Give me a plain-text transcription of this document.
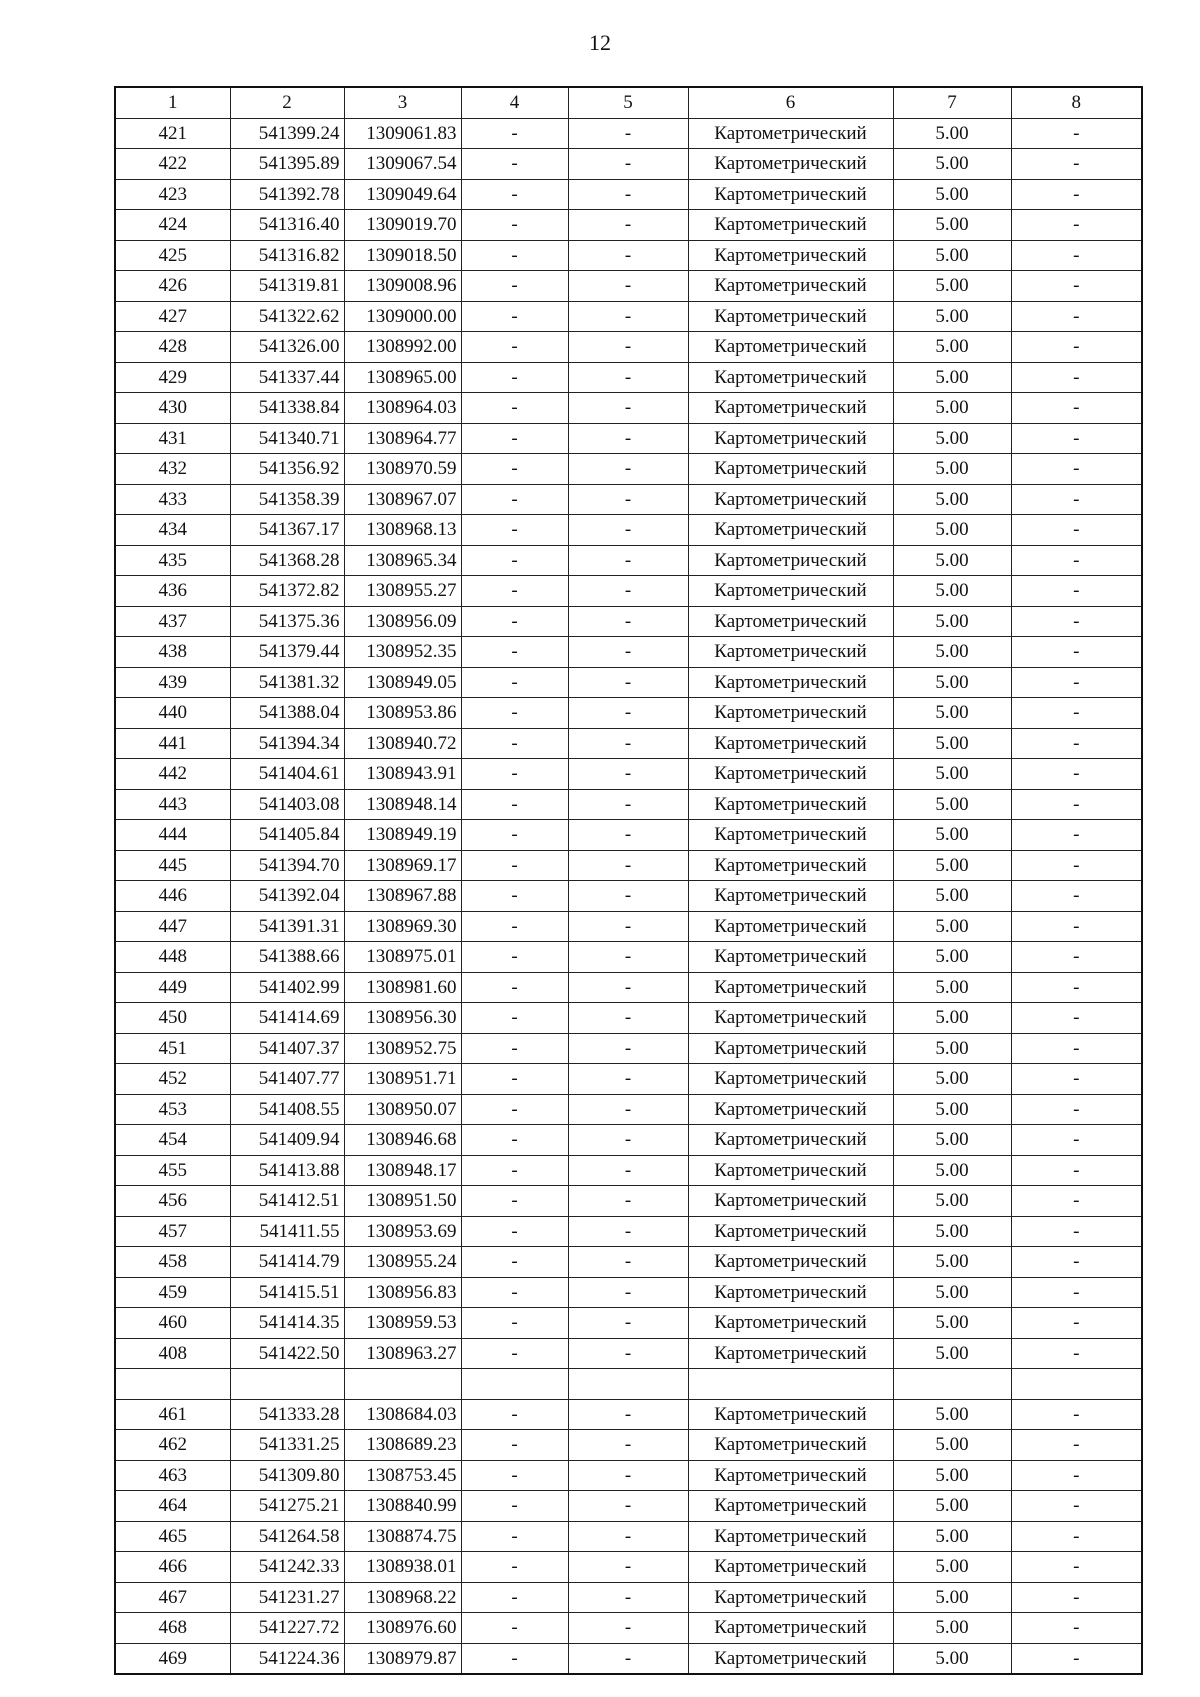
12
1	2	3	4	5	6	7	8
421	541399.24	1309061.83	-	-	Картометрический	5.00	-
422	541395.89	1309067.54	-	-	Картометрический	5.00	-
423	541392.78	1309049.64	-	-	Картометрический	5.00	-
424	541316.40	1309019.70	-	-	Картометрический	5.00	-
425	541316.82	1309018.50	-	-	Картометрический	5.00	-
426	541319.81	1309008.96	-	-	Картометрический	5.00	-
427	541322.62	1309000.00	-	-	Картометрический	5.00	-
428	541326.00	1308992.00	-	-	Картометрический	5.00	-
429	541337.44	1308965.00	-	-	Картометрический	5.00	-
430	541338.84	1308964.03	-	-	Картометрический	5.00	-
431	541340.71	1308964.77	-	-	Картометрический	5.00	-
432	541356.92	1308970.59	-	-	Картометрический	5.00	-
433	541358.39	1308967.07	-	-	Картометрический	5.00	-
434	541367.17	1308968.13	-	-	Картометрический	5.00	-
435	541368.28	1308965.34	-	-	Картометрический	5.00	-
436	541372.82	1308955.27	-	-	Картометрический	5.00	-
437	541375.36	1308956.09	-	-	Картометрический	5.00	-
438	541379.44	1308952.35	-	-	Картометрический	5.00	-
439	541381.32	1308949.05	-	-	Картометрический	5.00	-
440	541388.04	1308953.86	-	-	Картометрический	5.00	-
441	541394.34	1308940.72	-	-	Картометрический	5.00	-
442	541404.61	1308943.91	-	-	Картометрический	5.00	-
443	541403.08	1308948.14	-	-	Картометрический	5.00	-
444	541405.84	1308949.19	-	-	Картометрический	5.00	-
445	541394.70	1308969.17	-	-	Картометрический	5.00	-
446	541392.04	1308967.88	-	-	Картометрический	5.00	-
447	541391.31	1308969.30	-	-	Картометрический	5.00	-
448	541388.66	1308975.01	-	-	Картометрический	5.00	-
449	541402.99	1308981.60	-	-	Картометрический	5.00	-
450	541414.69	1308956.30	-	-	Картометрический	5.00	-
451	541407.37	1308952.75	-	-	Картометрический	5.00	-
452	541407.77	1308951.71	-	-	Картометрический	5.00	-
453	541408.55	1308950.07	-	-	Картометрический	5.00	-
454	541409.94	1308946.68	-	-	Картометрический	5.00	-
455	541413.88	1308948.17	-	-	Картометрический	5.00	-
456	541412.51	1308951.50	-	-	Картометрический	5.00	-
457	541411.55	1308953.69	-	-	Картометрический	5.00	-
458	541414.79	1308955.24	-	-	Картометрический	5.00	-
459	541415.51	1308956.83	-	-	Картометрический	5.00	-
460	541414.35	1308959.53	-	-	Картометрический	5.00	-
408	541422.50	1308963.27	-	-	Картометрический	5.00	-

461	541333.28	1308684.03	-	-	Картометрический	5.00	-
462	541331.25	1308689.23	-	-	Картометрический	5.00	-
463	541309.80	1308753.45	-	-	Картометрический	5.00	-
464	541275.21	1308840.99	-	-	Картометрический	5.00	-
465	541264.58	1308874.75	-	-	Картометрический	5.00	-
466	541242.33	1308938.01	-	-	Картометрический	5.00	-
467	541231.27	1308968.22	-	-	Картометрический	5.00	-
468	541227.72	1308976.60	-	-	Картометрический	5.00	-
469	541224.36	1308979.87	-	-	Картометрический	5.00	-
